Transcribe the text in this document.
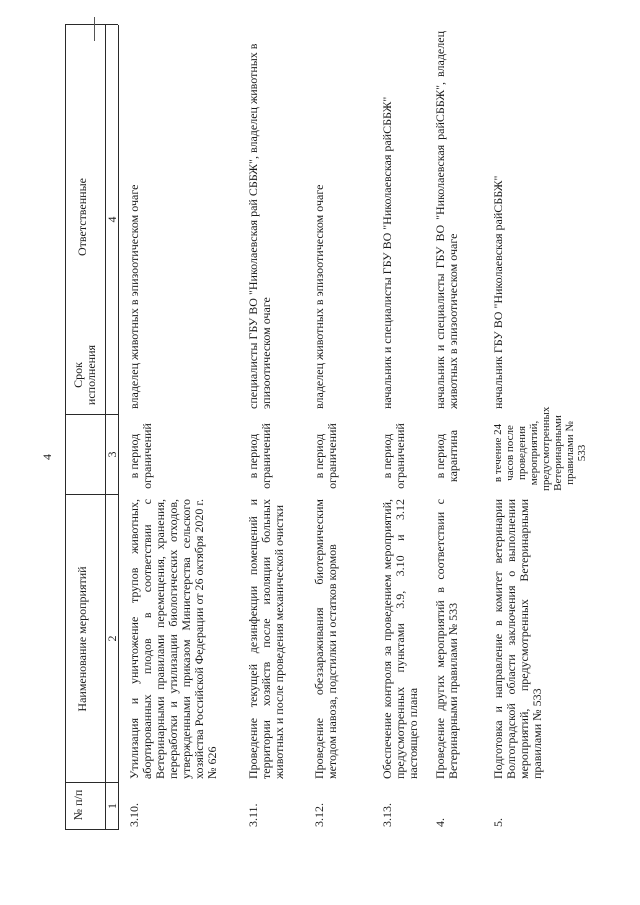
4
№ п/п
Наименование мероприятий
Срок исполнения
Ответственные
1
2
3
4
3.10.
Утилизация и уничтожение трупов животных, абортированных плодов в соответствии с Ветеринарными правилами перемещения, хранения, переработки и утилизации биологических отходов, утвержденными приказом Министерства сельского хозяйства Российской Федерации от 26 октября 2020 г. № 626
в период ограничений
владелец животных в эпизоотическом очаге
3.11.
Проведение текущей дезинфекции помещений и территории хозяйств после изоляции больных животных и после проведения механической очистки
в период ограничений
специалисты ГБУ ВО "Николаевская рай СББЖ", владелец животных в эпизоотическом очаге
3.12.
Проведение обеззараживания биотермическим методом навоза, подстилки и остатков кормов
в период ограничений
владелец животных в эпизоотическом очаге
3.13.
Обеспечение контроля за проведением мероприятий, предусмотренных пунктами 3.9, 3.10 и 3.12 настоящего плана
в период ограничений
начальник и специалисты ГБУ ВО "Николаевская райСББЖ"
4.
Проведение других мероприятий в соответствии с Ветеринарными правилами № 533
в период карантина
начальник и специалисты ГБУ ВО "Николаевская райСББЖ", владелец животных в эпизоотическом очаге
5.
Подготовка и направление в комитет ветеринарии Волгоградской области заключения о выполнении мероприятий, предусмотренных Ветеринарными правилами № 533
в течение 24 часов после проведения мероприятий, предусмотренных Ветеринарными правилами № 533
начальник ГБУ ВО "Николаевская райСББЖ"
